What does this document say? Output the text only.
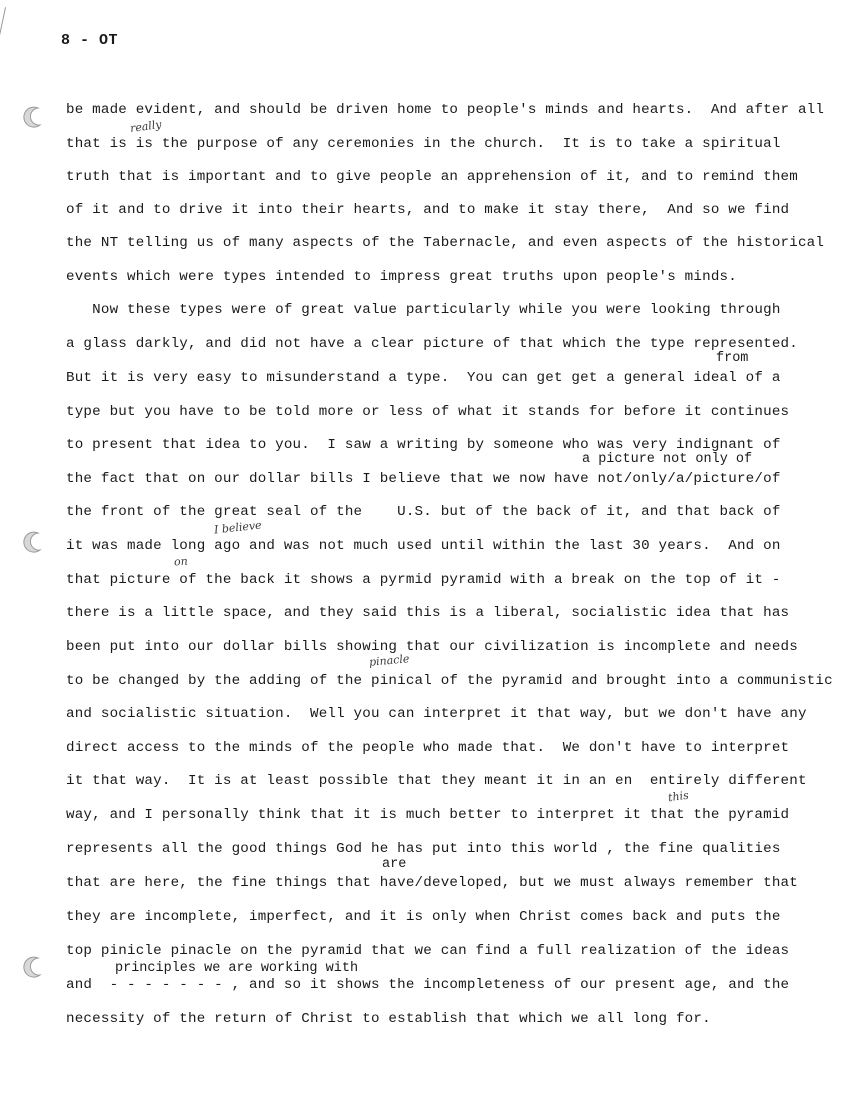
8 - OT
be made evident, and should be driven home to people's minds and hearts.  And after all
that is is the purpose of any ceremonies in the church.  It is to take a spiritual
truth that is important and to give people an apprehension of it, and to remind them
of it and to drive it into their hearts, and to make it stay there,  And so we find
the NT telling us of many aspects of the Tabernacle, and even aspects of the historical
events which were types intended to impress great truths upon people's minds.
Now these types were of great value particularly while you were looking through
a glass darkly, and did not have a clear picture of that which the type represented.
But it is very easy to misunderstand a type.  You can get get a general ideal of a
type but you have to be told more or less of what it stands for before it continues
to present that idea to you.  I saw a writing by someone who was very indignant of
the fact that on our dollar bills I believe that we now have not/only/a/picture/of
the front of the great seal of the    U.S. but of the back of it, and that back of
it was made long ago and was not much used until within the last 30 years.  And on
that picture of the back it shows a pyrmid pyramid with a break on the top of it -
there is a little space, and they said this is a liberal, socialistic idea that has
been put into our dollar bills showing that our civilization is incomplete and needs
to be changed by the adding of the pinical of the pyramid and brought into a communistic
and socialistic situation.  Well you can interpret it that way, but we don't have any
direct access to the minds of the people who made that.  We don't have to interpret
it that way.  It is at least possible that they meant it in an en  entirely different
way, and I personally think that it is much better to interpret it that the pyramid
represents all the good things God he has put into this world , the fine qualities
that are here, the fine things that have/developed, but we must always remember that
they are incomplete, imperfect, and it is only when Christ comes back and puts the
top pinicle pinacle on the pyramid that we can find a full realization of the ideas
and  - - - - - - - , and so it shows the incompleteness of our present age, and the
necessity of the return of Christ to establish that which we all long for.
really
from
a picture not only of
I believe
on
pinacle
this
are
principles we are working with
